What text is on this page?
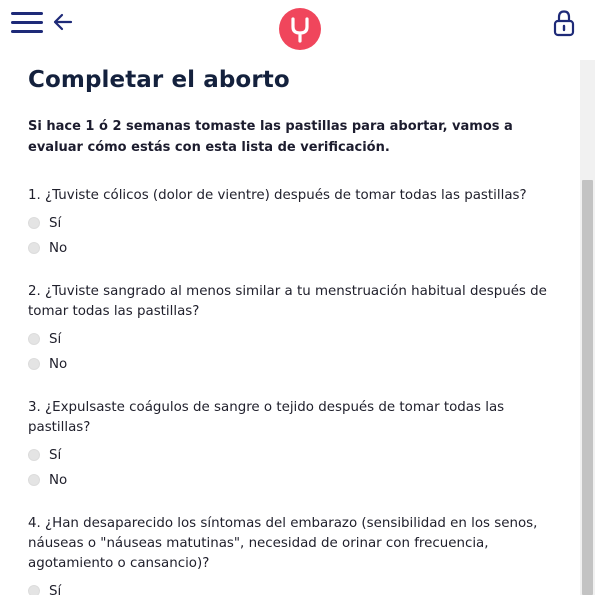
Completar el aborto

Si hace 1 ó 2 semanas tomaste las pastillas para abortar, vamos a evaluar cómo estás con esta lista de verificación.

1. ¿Tuviste cólicos (dolor de vientre) después de tomar todas las pastillas?

Sí
No

2. ¿Tuviste sangrado al menos similar a tu menstruación habitual después de tomar todas las pastillas?

Sí
No

3. ¿Expulsaste coágulos de sangre o tejido después de tomar todas las pastillas?

Sí
No

4. ¿Han desaparecido los síntomas del embarazo (sensibilidad en los senos, náuseas o "náuseas matutinas", necesidad de orinar con frecuencia, agotamiento o cansancio)?

Sí
